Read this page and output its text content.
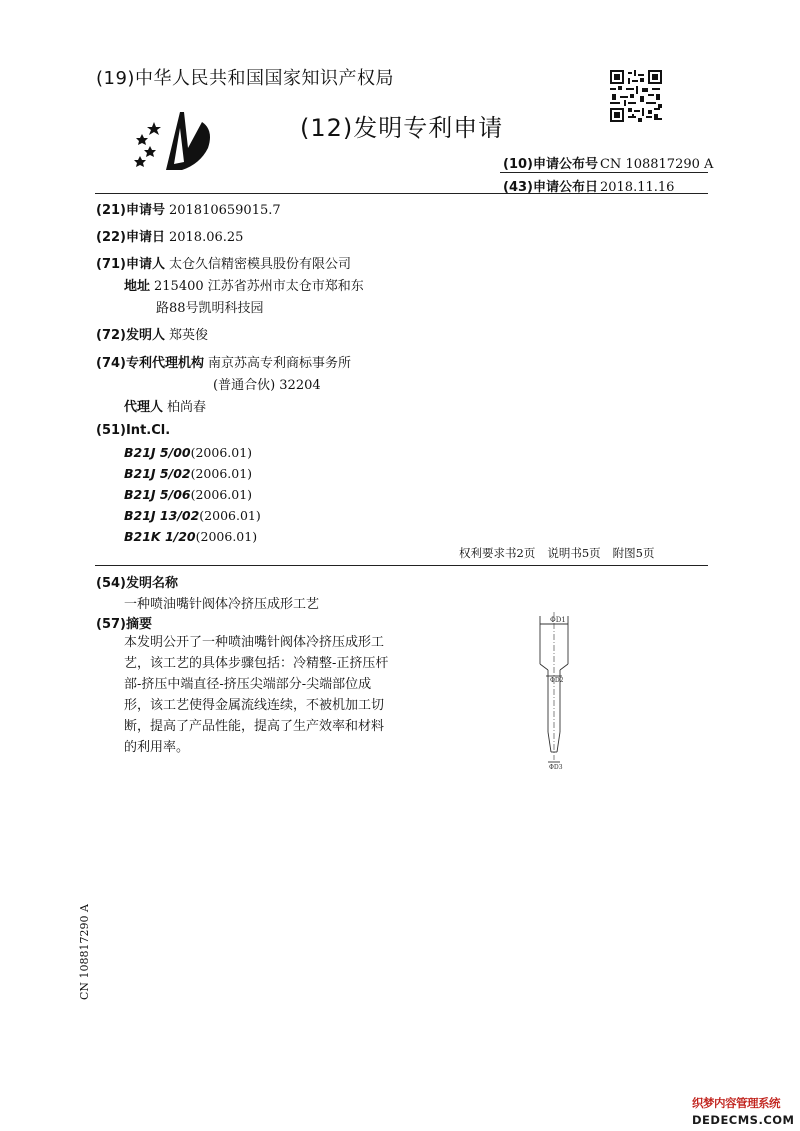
(19)中华人民共和国国家知识产权局
(12)发明专利申请
(10)申请公布号 CN 108817290 A
(43)申请公布日 2018.11.16
(21)申请号 201810659015.7
(22)申请日 2018.06.25
(71)申请人 太仓久信精密模具股份有限公司
地址 215400 江苏省苏州市太仓市郑和东
路88号凯明科技园
(72)发明人 郑英俊
(74)专利代理机构 南京苏高专利商标事务所
(普通合伙) 32204
代理人 柏尚春
(51)Int.Cl.
B21J 5/00(2006.01)
B21J 5/02(2006.01)
B21J 5/06(2006.01)
B21J 13/02(2006.01)
B21K 1/20(2006.01)
权利要求书2页 说明书5页 附图5页
(54)发明名称
一种喷油嘴针阀体冷挤压成形工艺
(57)摘要
本发明公开了一种喷油嘴针阀体冷挤压成形工艺，该工艺的具体步骤包括：冷精整-正挤压杆部-挤压中端直径-挤压尖端部分-尖端部位成形，该工艺使得金属流线连续，不被机加工切断，提高了产品性能，提高了生产效率和材料的利用率。
ΦD1
ΦD2
ΦD3
CN 108817290 A
织梦内容管理系统
DEDECMS.COM
